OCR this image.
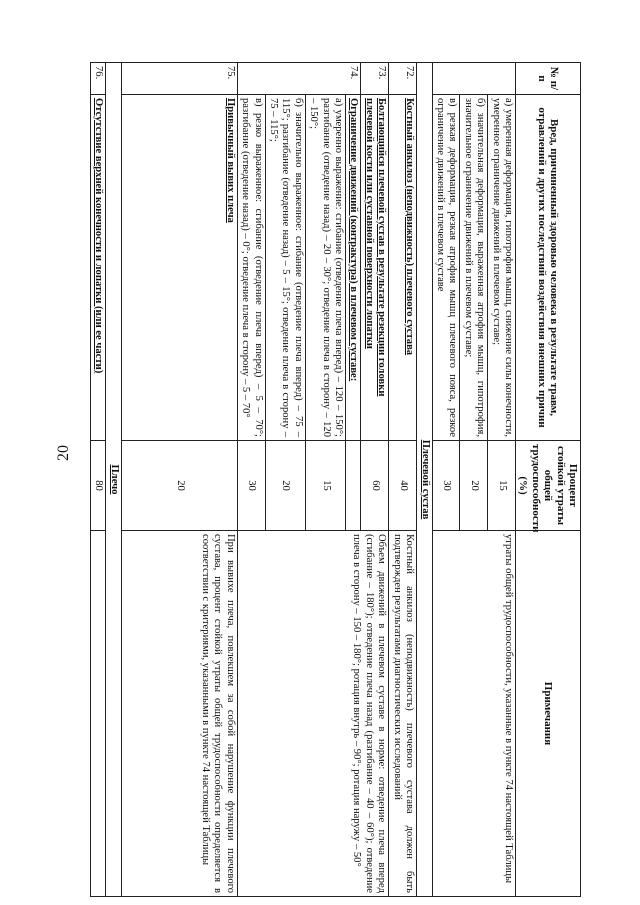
20
№ п/п	Вред, причиненный здоровью человека в результате травм, отравлений и других последствий воздействия внешних причин	Процент стойкой утраты общей трудоспособности (%)	Примечания
	а) умеренная деформация, гипотрофия мышц, снижение силы конечности, умеренное ограничение движений в плечевом суставе;	15	утраты общей трудоспособности, указанные в пункте 74 настоящей Таблицы
	б) значительная деформация, выраженная атрофия мышц, гипотрофия, значительное ограничение движений в плечевом суставе;	20	
	в) резкая деформация, резкая атрофия мышц плечевого пояса, резкое ограничение движений в плечевом суставе	30	
Плечевой сустав			
72.	Костный анкилоз (неподвижность) плечевого сустава	40	Костный анкилоз (неподвижность) плечевого сустава должен быть подтвержден результатами диагностических исследований
73.	Болтающийся плечевой сустав в результате резекции головки плечевой кости или суставной поверхности лопатки	60	Объем движений в плечевом суставе в норме: отведение плеча вперед (сгибание – 180°); отведение плеча назад (разгибание – 40 – 60°); отведение плеча в сторону – 150 – 180°; ротация внутрь – 90°; ротация наружу – 50°
74.	Ограничение движений (контрактура) в плечевом суставе:		
	а) умеренно выражение: сгибание (отведение плеча вперед) – 120 – 150°; разгибание (отведение назад) – 20 – 30°; отведение плеча в сторону – 120 – 150°;	15	
	б) значительно выраженное: сгибание (отведение плеча вперед) – 75 – 115°; разгибание (отведение назад) – 5 – 15°; отведение плеча в сторону – 75 – 115°;	20	
	в) резко выраженное: сгибание (отведение плеча вперед) – 5 – 70°; разгибание (отведение назад) – 0°; отведение плеча в сторону – 5 – 70°	30	
75.	Привычный вывих плеча	20	При вывихе плеча, повлекшем за собой нарушение функции плечевого сустава, процент стойкой утраты общей трудоспособности определяется в соответствии с критериями, указанными в пункте 74 настоящей Таблицы
Плечо			
76.	Отсутствие верхней конечности и лопатки (или ее части)	80	
